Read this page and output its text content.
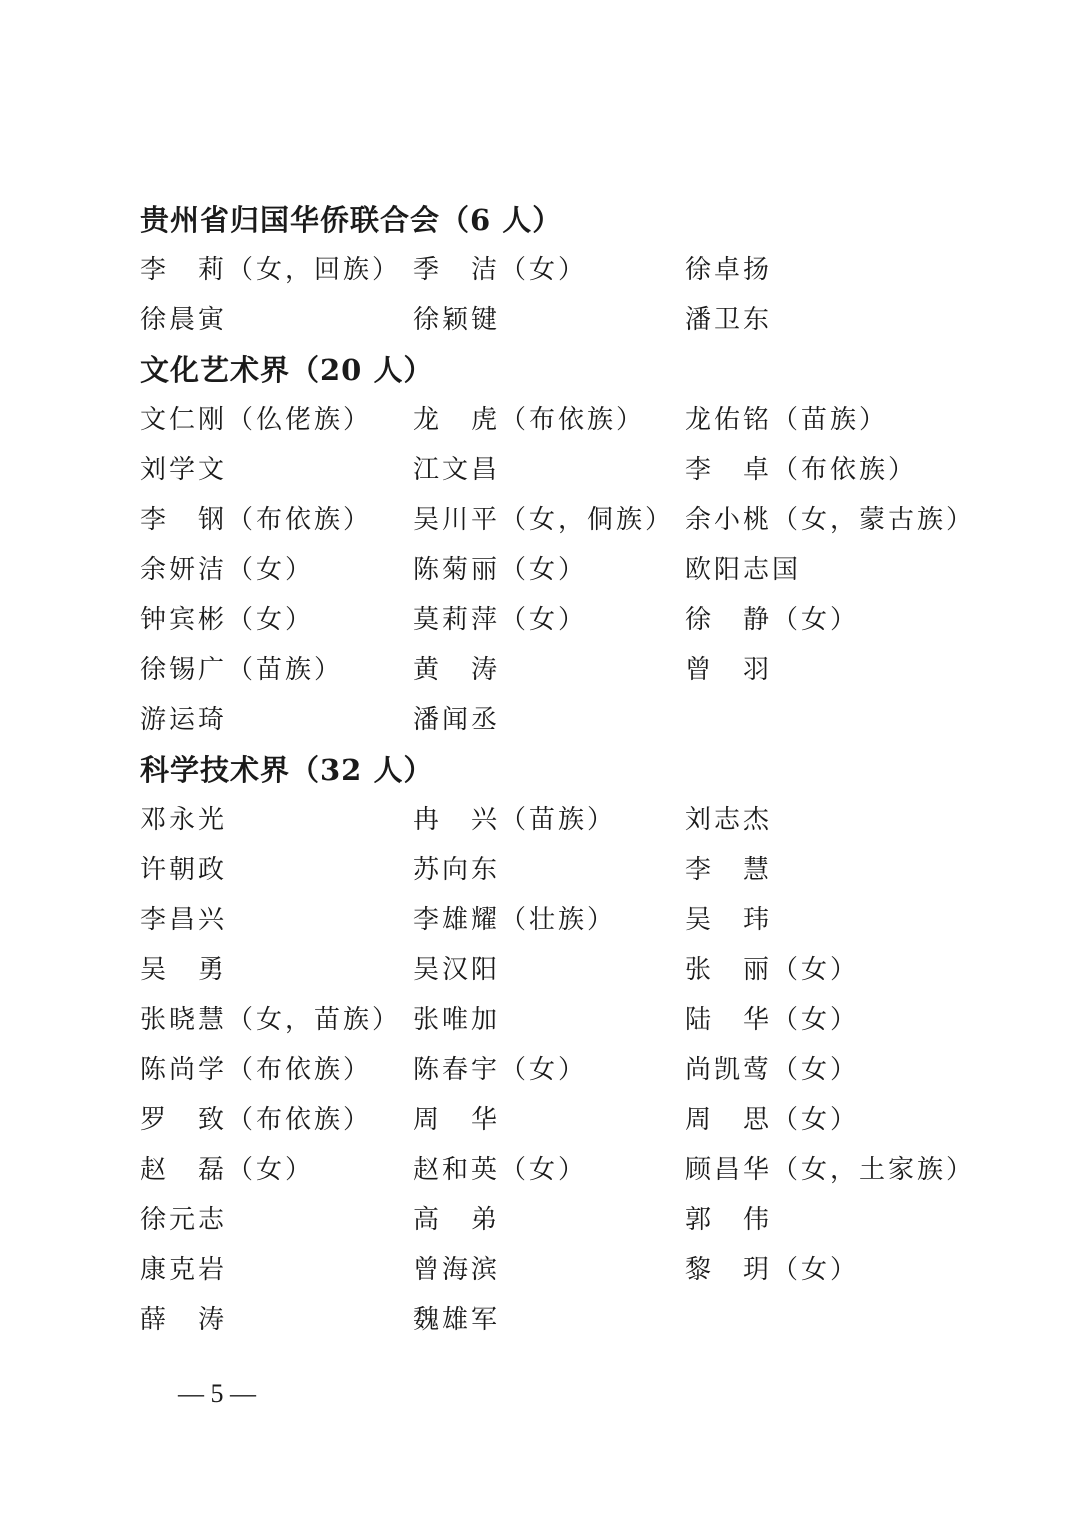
贵州省归国华侨联合会（6 人）
李　莉（女，回族） 季　洁（女）	徐卓扬
徐晨寅	徐颖键	潘卫东
文化艺术界（20 人）
文仁刚（仫佬族）	龙　虎（布依族）	龙佑铭（苗族）
刘学文	江文昌	李　卓（布依族）
李　钢（布依族）	吴川平（女，侗族） 余小桃（女，蒙古族）
余妍洁（女）	陈菊丽（女）	欧阳志国
钟宾彬（女）	莫莉萍（女）	徐　静（女）
徐锡广（苗族）	黄　涛	曾　羽
游运琦	潘闻丞
科学技术界（32 人）
邓永光	冉　兴（苗族）	刘志杰
许朝政	苏向东	李　慧
李昌兴	李雄耀（壮族）	吴　玮
吴　勇	吴汉阳	张　丽（女）
张晓慧（女，苗族） 张唯加	陆　华（女）
陈尚学（布依族）	陈春宇（女）	尚凯莺（女）
罗　致（布依族）	周　华	周　思（女）
赵　磊（女）	赵和英（女）	顾昌华（女，土家族）
徐元志	高　弟	郭　伟
康克岩	曾海滨	黎　玥（女）
薛　涛	魏雄军
— 5 —
